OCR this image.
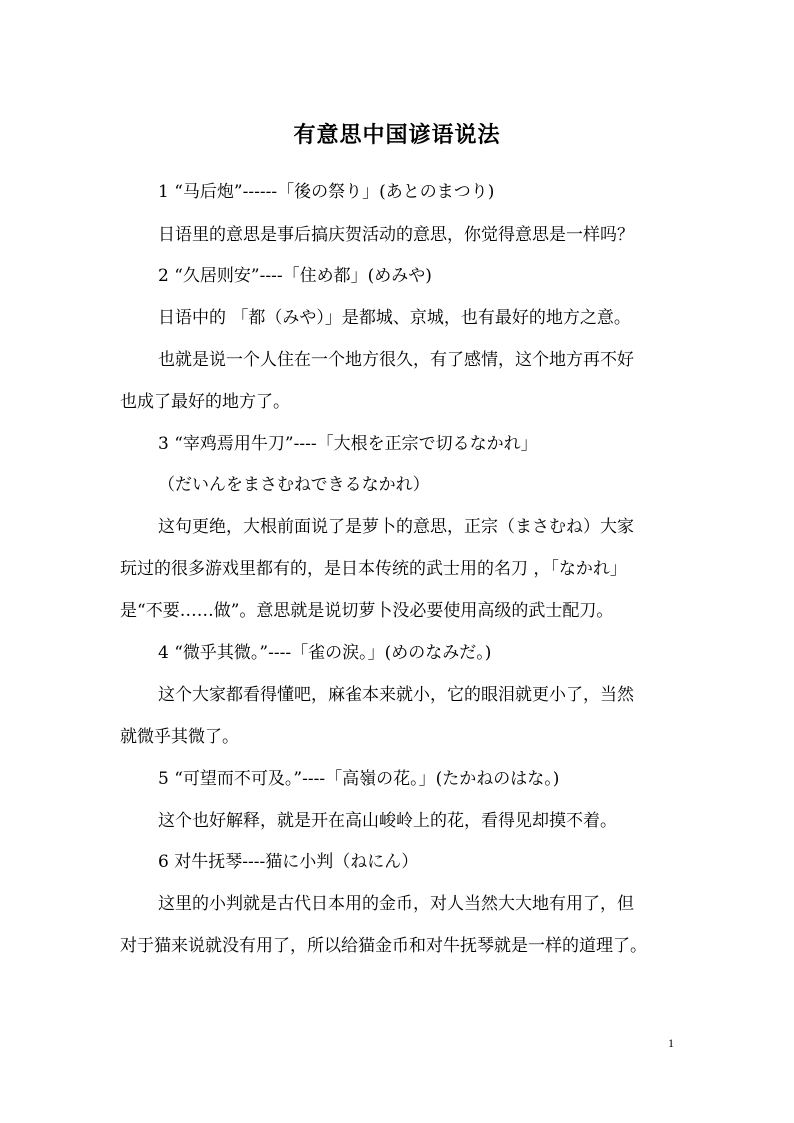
有意思中国谚语说法
1 “马后炮”------「後の祭り」(あとのまつり)
日语里的意思是事后搞庆贺活动的意思，你觉得意思是一样吗？
2 “久居则安”----「住め都」(めみや)
日语中的 「都（みや）」是都城、京城，也有最好的地方之意。
也就是说一个人住在一个地方很久，有了感情，这个地方再不好
也成了最好的地方了。
3 “宰鸡焉用牛刀”----「大根を正宗で切るなかれ」
（だいんをまさむねできるなかれ）
这句更绝，大根前面说了是萝卜的意思，正宗（まさむね）大家
玩过的很多游戏里都有的，是日本传统的武士用的名刀 ，「なかれ」
是“不要……做”。意思就是说切萝卜没必要使用高级的武士配刀。
4 “微乎其微。”----「雀の涙。」(めのなみだ。)
这个大家都看得懂吧，麻雀本来就小，它的眼泪就更小了，当然
就微乎其微了。
5 “可望而不可及。”----「高嶺の花。」(たかねのはな。)
这个也好解释，就是开在高山峻岭上的花，看得见却摸不着。
6 对牛抚琴----猫に小判（ねにん）
这里的小判就是古代日本用的金币，对人当然大大地有用了，但
对于猫来说就没有用了，所以给猫金币和对牛抚琴就是一样的道理了。
1
